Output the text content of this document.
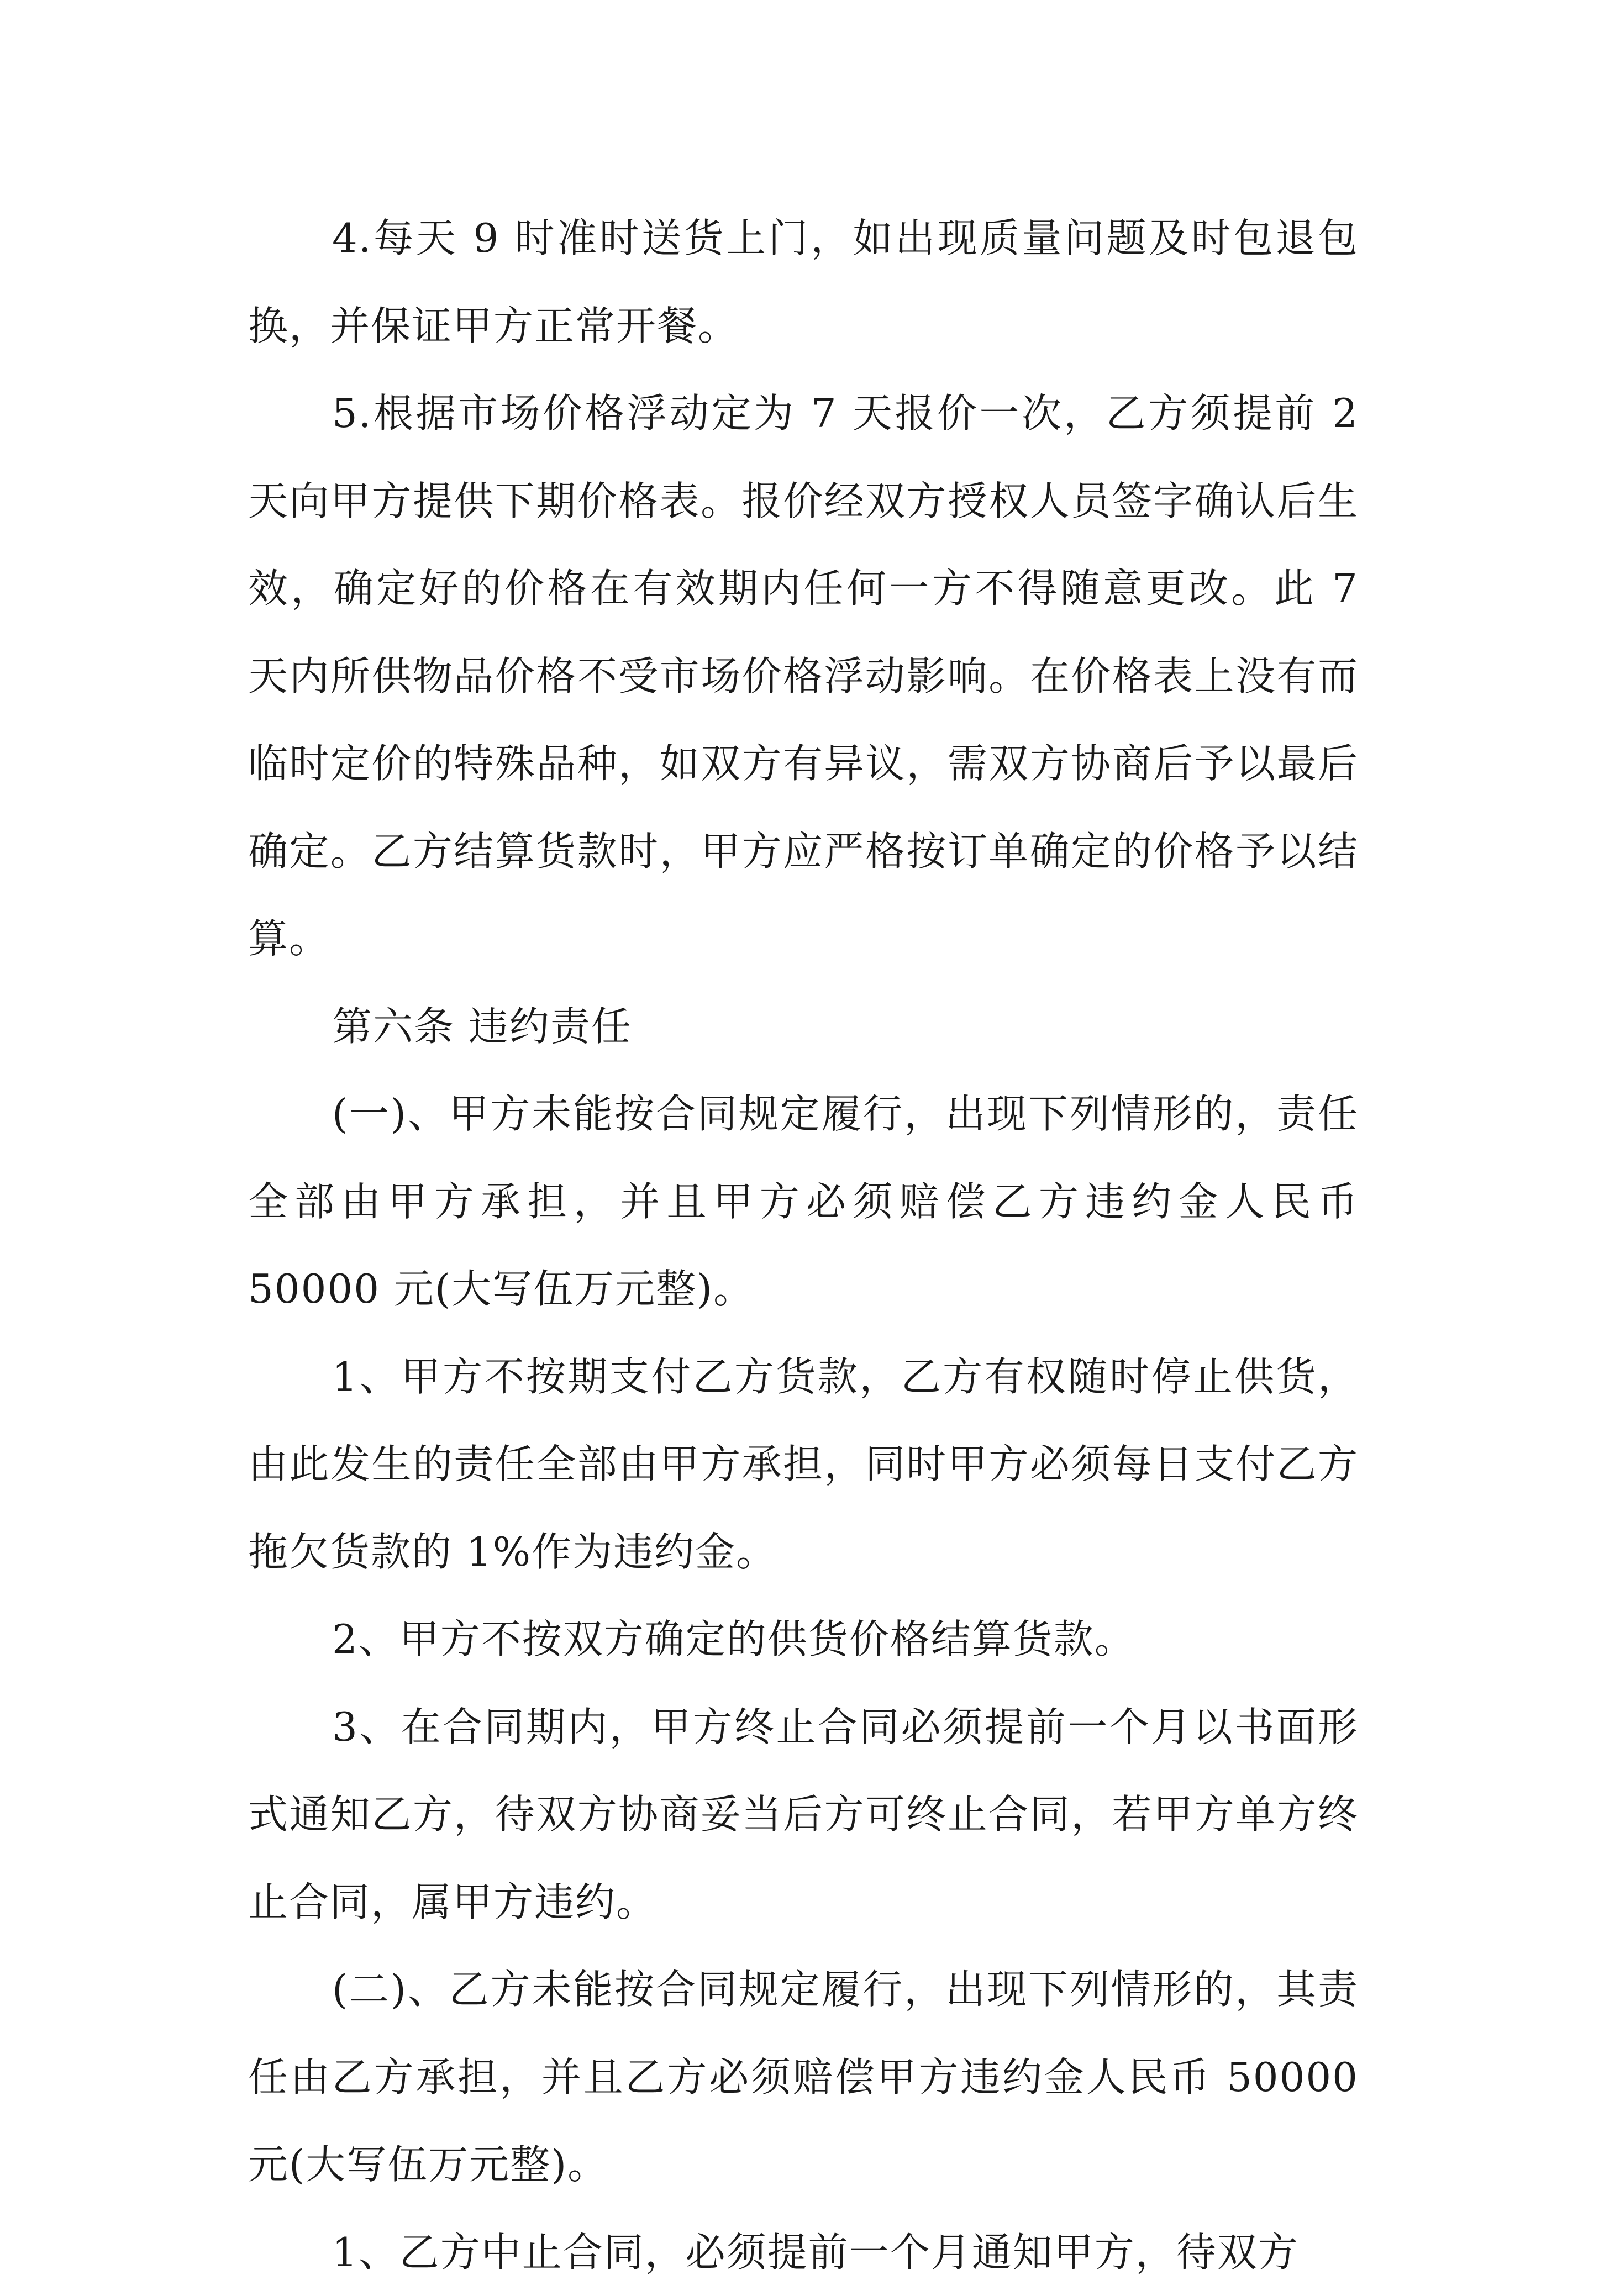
4.每天 9 时准时送货上门，如出现质量问题及时包退包换，并保证甲方正常开餐。

5.根据市场价格浮动定为 7 天报价一次，乙方须提前 2 天向甲方提供下期价格表。报价经双方授权人员签字确认后生效，确定好的价格在有效期内任何一方不得随意更改。此 7 天内所供物品价格不受市场价格浮动影响。在价格表上没有而临时定价的特殊品种，如双方有异议，需双方协商后予以最后确定。乙方结算货款时，甲方应严格按订单确定的价格予以结算。

第六条 违约责任

(一)、甲方未能按合同规定履行，出现下列情形的，责任全部由甲方承担，并且甲方必须赔偿乙方违约金人民币 50000 元(大写伍万元整)。

1、甲方不按期支付乙方货款，乙方有权随时停止供货，由此发生的责任全部由甲方承担，同时甲方必须每日支付乙方拖欠货款的 1%作为违约金。

2、甲方不按双方确定的供货价格结算货款。

3、在合同期内，甲方终止合同必须提前一个月以书面形式通知乙方，待双方协商妥当后方可终止合同，若甲方单方终止合同，属甲方违约。

(二)、乙方未能按合同规定履行，出现下列情形的，其责任由乙方承担，并且乙方必须赔偿甲方违约金人民币 50000 元(大写伍万元整)。

1、乙方中止合同，必须提前一个月通知甲方，待双方
